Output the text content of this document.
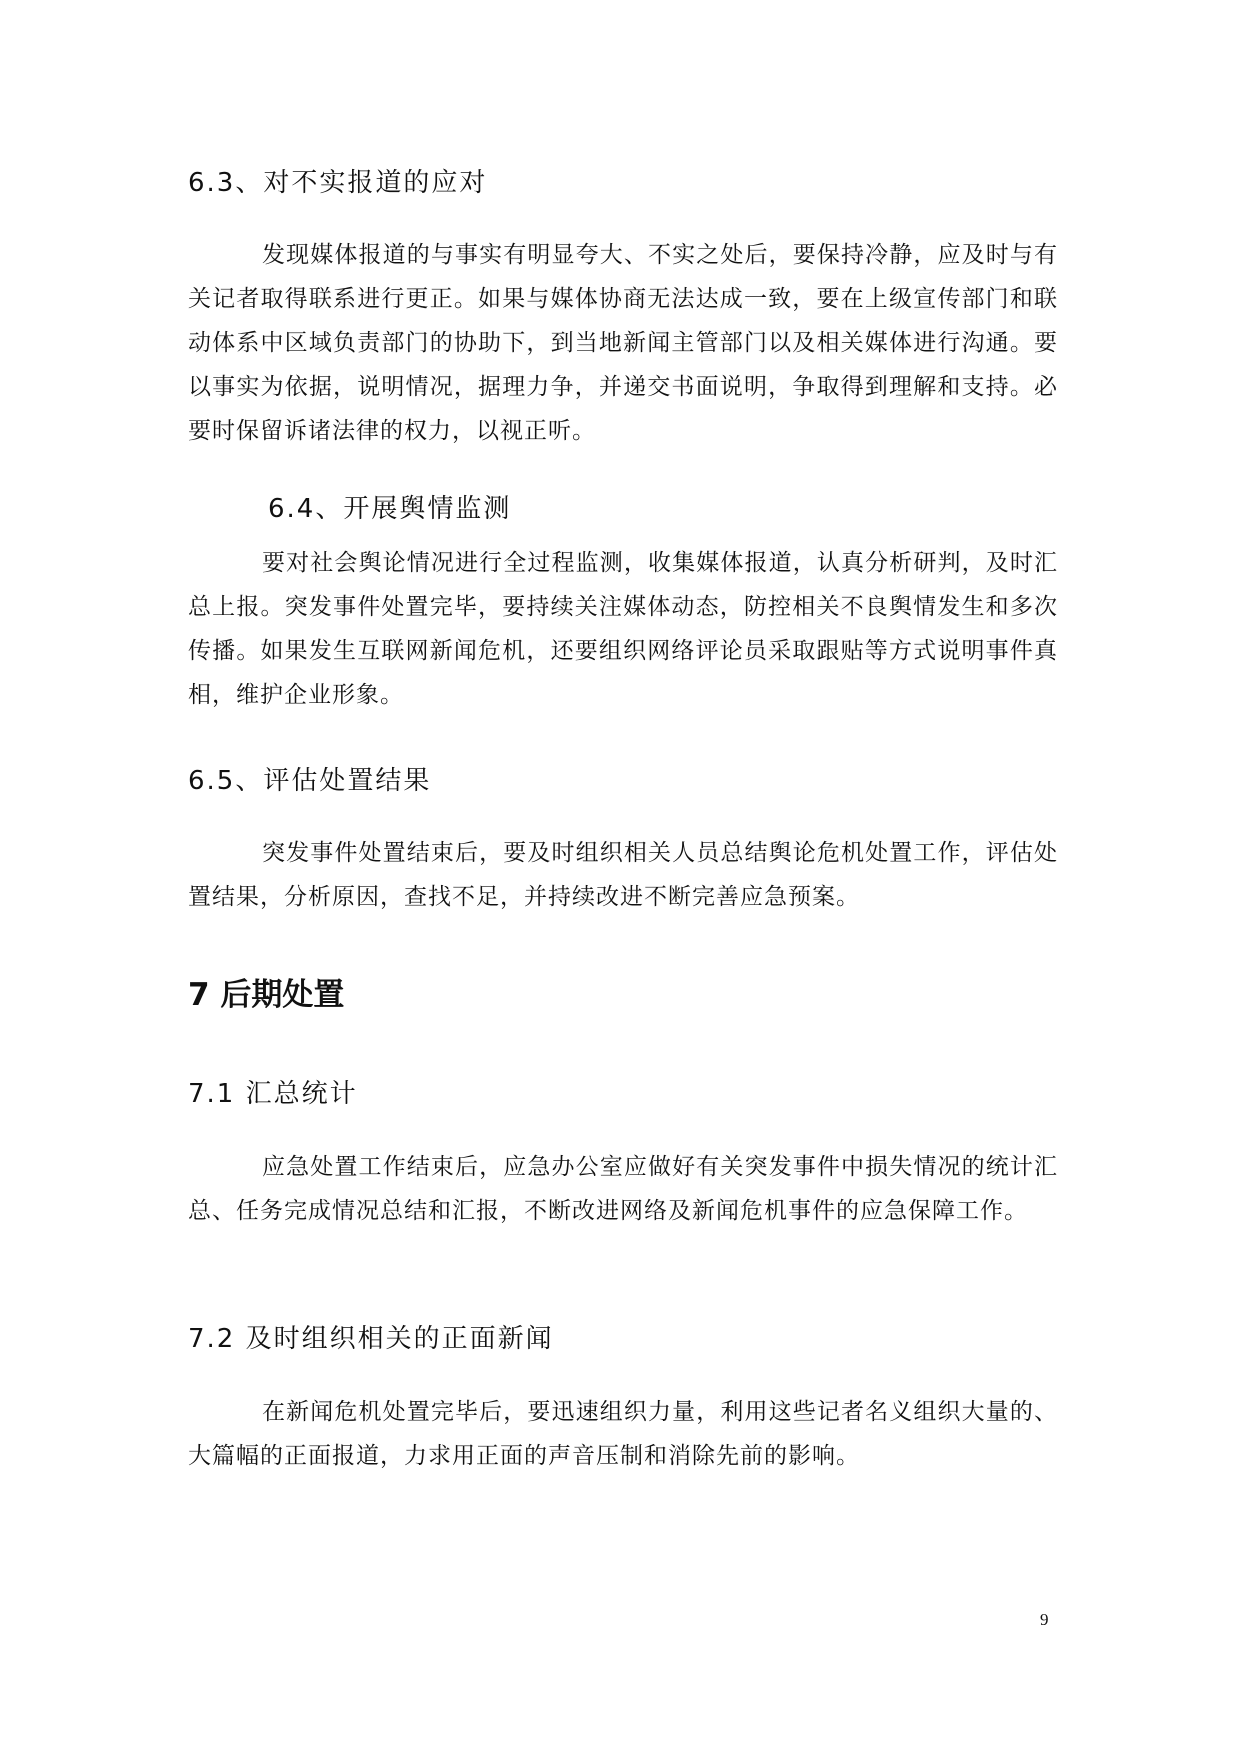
6.3、对不实报道的应对
发现媒体报道的与事实有明显夸大、不实之处后，要保持冷静，应及时与有关记者取得联系进行更正。如果与媒体协商无法达成一致，要在上级宣传部门和联动体系中区域负责部门的协助下，到当地新闻主管部门以及相关媒体进行沟通。要以事实为依据，说明情况，据理力争，并递交书面说明，争取得到理解和支持。必要时保留诉诸法律的权力，以视正听。
6.4、开展舆情监测
要对社会舆论情况进行全过程监测，收集媒体报道，认真分析研判，及时汇总上报。突发事件处置完毕，要持续关注媒体动态，防控相关不良舆情发生和多次传播。如果发生互联网新闻危机，还要组织网络评论员采取跟贴等方式说明事件真相，维护企业形象。
6.5、评估处置结果
突发事件处置结束后，要及时组织相关人员总结舆论危机处置工作，评估处置结果，分析原因，查找不足，并持续改进不断完善应急预案。
7 后期处置
7.1 汇总统计
应急处置工作结束后，应急办公室应做好有关突发事件中损失情况的统计汇总、任务完成情况总结和汇报，不断改进网络及新闻危机事件的应急保障工作。
7.2 及时组织相关的正面新闻
在新闻危机处置完毕后，要迅速组织力量，利用这些记者名义组织大量的、大篇幅的正面报道，力求用正面的声音压制和消除先前的影响。
9
